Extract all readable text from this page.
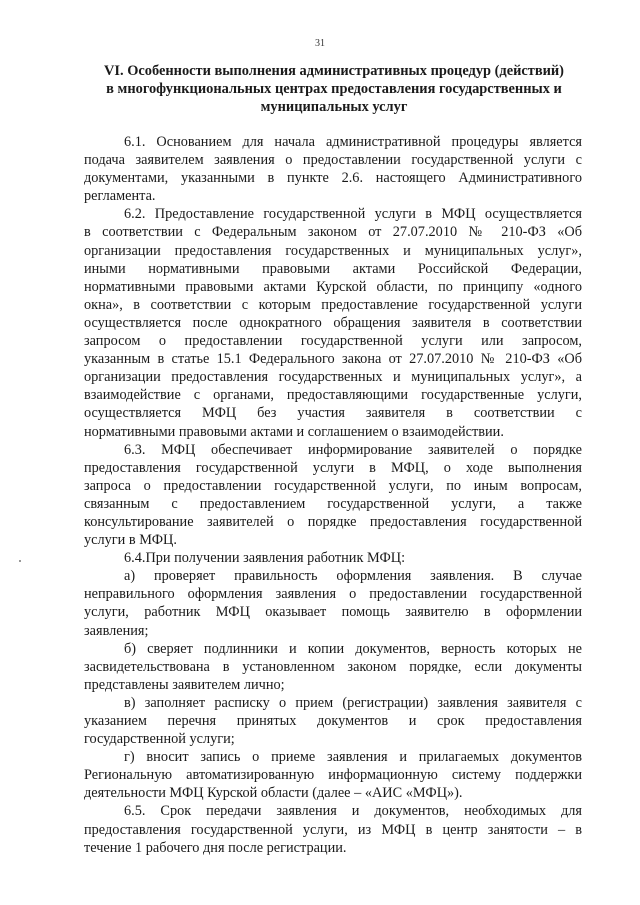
31
VI. Особенности выполнения административных процедур (действий)
в многофункциональных центрах предоставления государственных и
муниципальных услуг
6.1. Основанием для начала административной процедуры является
подача заявителем заявления о предоставлении государственной услуги с
документами, указанными в пункте 2.6. настоящего Административного
регламента.
6.2. Предоставление государственной услуги в МФЦ осуществляется
в соответствии с Федеральным законом от 27.07.2010 № 210-ФЗ «Об
организации предоставления государственных и муниципальных услуг»,
иными нормативными правовыми актами Российской Федерации,
нормативными правовыми актами Курской области, по принципу «одного
окна», в соответствии с которым предоставление государственной услуги
осуществляется после однократного обращения заявителя в соответствии
запросом о предоставлении государственной услуги или запросом,
указанным в статье 15.1 Федерального закона от 27.07.2010 № 210-ФЗ «Об
организации предоставления государственных и муниципальных услуг», а
взаимодействие с органами, предоставляющими государственные услуги,
осуществляется МФЦ без участия заявителя в соответствии с
нормативными правовыми актами и соглашением о взаимодействии.
6.3. МФЦ обеспечивает информирование заявителей о порядке
предоставления государственной услуги в МФЦ, о ходе выполнения
запроса о предоставлении государственной услуги, по иным вопросам,
связанным с предоставлением государственной услуги, а также
консультирование заявителей о порядке предоставления государственной
услуги в МФЦ.
6.4.При получении заявления работник МФЦ:
а) проверяет правильность оформления заявления. В случае
неправильного оформления заявления о предоставлении государственной
услуги, работник МФЦ оказывает помощь заявителю в оформлении
заявления;
б) сверяет подлинники и копии документов, верность которых не
засвидетельствована в установленном законом порядке, если документы
представлены заявителем лично;
в) заполняет расписку о прием (регистрации) заявления заявителя с
указанием перечня принятых документов и срок предоставления
государственной услуги;
г) вносит запись о приеме заявления и прилагаемых документов
Региональную автоматизированную информационную систему поддержки
деятельности МФЦ Курской области (далее – «АИС «МФЦ»).
6.5. Срок передачи заявления и документов, необходимых для
предоставления государственной услуги, из МФЦ в центр занятости – в
течение 1 рабочего дня после регистрации.
